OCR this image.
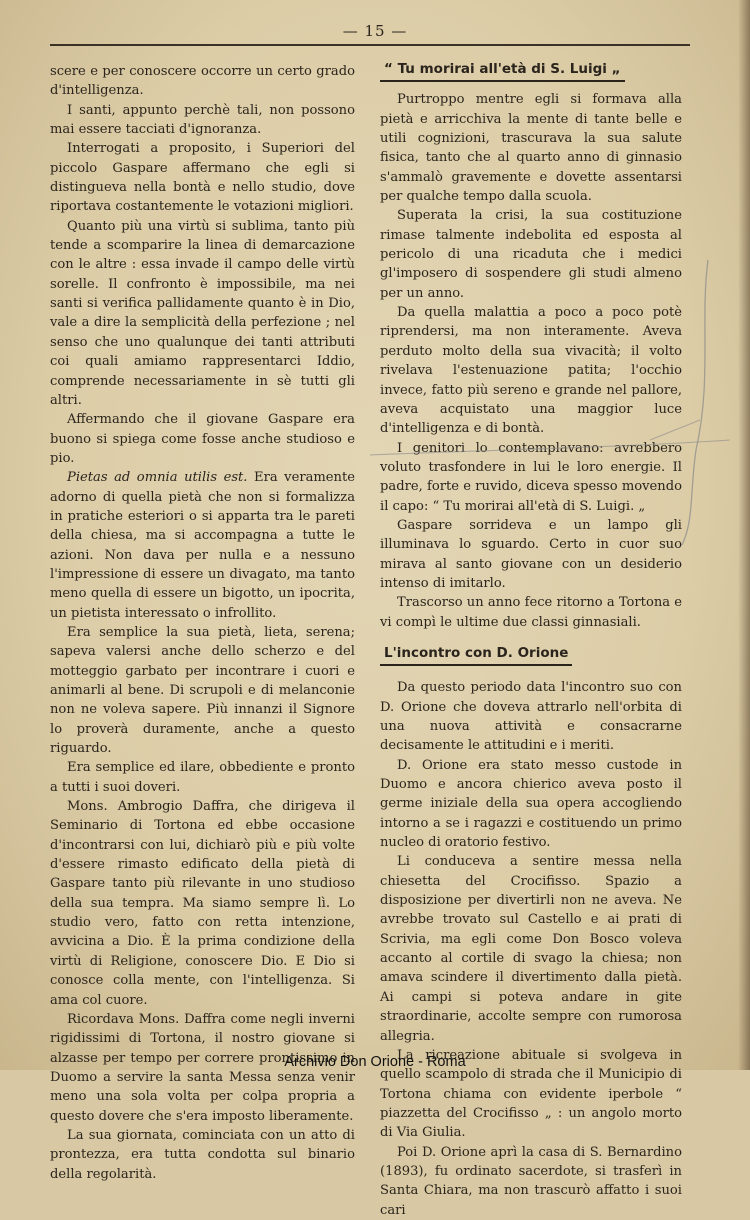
— 15 —

scere e per conoscere occorre un certo grado d'intelligenza.

I santi, appunto perchè tali, non possono mai essere tacciati d'ignoranza.

Interrogati a proposito, i Superiori del piccolo Gaspare affermano che egli si distingueva nella bontà e nello studio, dove riportava costantemente le votazioni migliori.

Quanto più una virtù si sublima, tanto più tende a scomparire la linea di demarcazione con le altre : essa invade il campo delle virtù sorelle. Il confronto è impossibile, ma nei santi si verifica pallidamente quanto è in Dio, vale a dire la semplicità della perfezione ; nel senso che uno qualunque dei tanti attributi coi quali amiamo rappresentarci Iddio, comprende necessariamente in sè tutti gli altri.

Affermando che il giovane Gaspare era buono si spiega come fosse anche studioso e pio.

Pietas ad omnia utilis est. Era veramente adorno di quella pietà che non si formalizza in pratiche esteriori o si apparta tra le pareti della chiesa, ma si accompagna a tutte le azioni. Non dava per nulla e a nessuno l'impressione di essere un divagato, ma tanto meno quella di essere un bigotto, un ipocrita, un pietista interessato o infrollito.

Era semplice la sua pietà, lieta, serena; sapeva valersi anche dello scherzo e del motteggio garbato per incontrare i cuori e animarli al bene. Di scrupoli e di melanconie non ne voleva sapere. Più innanzi il Signore lo proverà duramente, anche a questo riguardo.

Era semplice ed ilare, obbediente e pronto a tutti i suoi doveri.

Mons. Ambrogio Daffra, che dirigeva il Seminario di Tortona ed ebbe occasione d'incontrarsi con lui, dichiarò più e più volte d'essere rimasto edificato della pietà di Gaspare tanto più rilevante in uno studioso della sua tempra. Ma siamo sempre lì. Lo studio vero, fatto con retta intenzione, avvicina a Dio. È la prima condizione della virtù di Religione, conoscere Dio. E Dio si conosce colla mente, con l'intelligenza. Si ama col cuore.

Ricordava Mons. Daffra come negli inverni rigidissimi di Tortona, il nostro giovane si alzasse per tempo per correre prontissimo in Duomo a servire la santa Messa senza venir meno una sola volta per colpa propria a questo dovere che s'era imposto liberamente.

La sua giornata, cominciata con un atto di prontezza, era tutta condotta sul binario della regolarità.

“ Tu morirai all'età di S. Luigi „

Purtroppo mentre egli si formava alla pietà e arricchiva la mente di tante belle e utili cognizioni, trascurava la sua salute fisica, tanto che al quarto anno di ginnasio s'ammalò gravemente e dovette assentarsi per qualche tempo dalla scuola.

Superata la crisi, la sua costituzione rimase talmente indebolita ed esposta al pericolo di una ricaduta che i medici gl'imposero di sospendere gli studi almeno per un anno.

Da quella malattia a poco a poco potè riprendersi, ma non interamente. Aveva perduto molto della sua vivacità; il volto rivelava l'estenuazione patita; l'occhio invece, fatto più sereno e grande nel pallore, aveva acquistato una maggior luce d'intelligenza e di bontà.

I genitori lo contemplavano: avrebbero voluto trasfondere in lui le loro energie. Il padre, forte e ruvido, diceva spesso movendo il capo: “ Tu morirai all'età di S. Luigi. „

Gaspare sorrideva e un lampo gli illuminava lo sguardo. Certo in cuor suo mirava al santo giovane con un desiderio intenso di imitarlo.

Trascorso un anno fece ritorno a Tortona e vi compì le ultime due classi ginnasiali.

L'incontro con D. Orione

Da questo periodo data l'incontro suo con D. Orione che doveva attrarlo nell'orbita di una nuova attività e consacrarne decisamente le attitudini e i meriti.

D. Orione era stato messo custode in Duomo e ancora chierico aveva posto il germe iniziale della sua opera accogliendo intorno a se i ragazzi e costituendo un primo nucleo di oratorio festivo.

Li conduceva a sentire messa nella chiesetta del Crocifisso. Spazio a disposizione per divertirli non ne aveva. Ne avrebbe trovato sul Castello e ai prati di Scrivia, ma egli come Don Bosco voleva accanto al cortile di svago la chiesa; non amava scindere il divertimento dalla pietà. Ai campi si poteva andare in gite straordinarie, accolte sempre con rumorosa allegria.

La ricreazione abituale si svolgeva in quello scampolo di strada che il Municipio di Tortona chiama con evidente iperbole “ piazzetta del Crocifisso „ : un angolo morto di Via Giulia.

Poi D. Orione aprì la casa di S. Bernardino (1893), fu ordinato sacerdote, si trasferì in Santa Chiara, ma non trascurò affatto i suoi cari

Archivio Don Orione - Roma
